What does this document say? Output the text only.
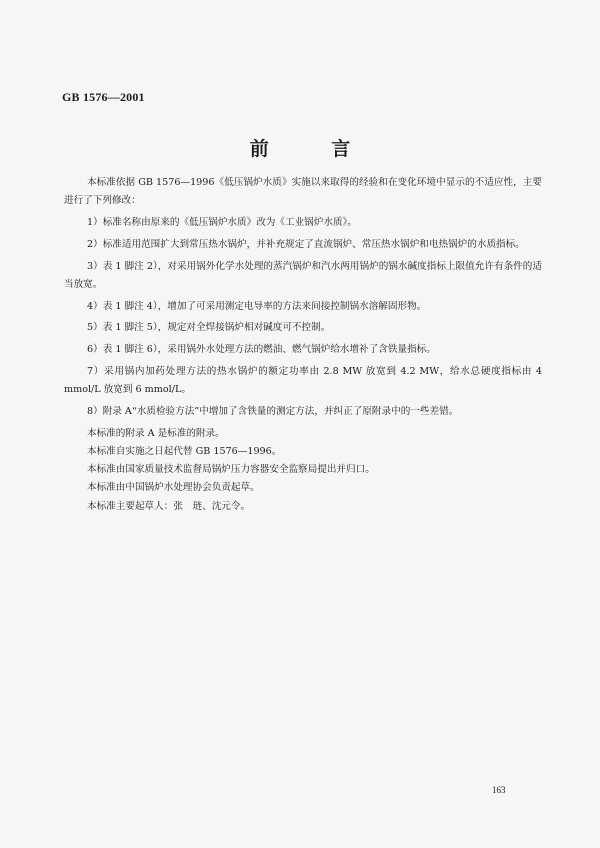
GB 1576—2001
前 言

本标准依据 GB 1576—1996《低压锅炉水质》实施以来取得的经验和在变化环境中显示的不适应性，主要进行了下列修改：

1）标准名称由原来的《低压锅炉水质》改为《工业锅炉水质》。

2）标准适用范围扩大到常压热水锅炉，并补充规定了直流锅炉、常压热水锅炉和电热锅炉的水质指标。

3）表 1 脚注 2），对采用锅外化学水处理的蒸汽锅炉和汽水两用锅炉的锅水碱度指标上限值允许有条件的适当放宽。

4）表 1 脚注 4），增加了可采用测定电导率的方法来间接控制锅水溶解固形物。

5）表 1 脚注 5），规定对全焊接锅炉相对碱度可不控制。

6）表 1 脚注 6），采用锅外水处理方法的燃油、燃气锅炉给水增补了含铁量指标。

7）采用锅内加药处理方法的热水锅炉的额定功率由 2.8 MW 放宽到 4.2 MW，给水总硬度指标由 4 mmol/L 放宽到 6 mmol/L。

8）附录 A“水质检验方法”中增加了含铁量的测定方法，并纠正了原附录中的一些差错。

本标准的附录 A 是标准的附录。

本标准自实施之日起代替 GB 1576—1996。

本标准由国家质量技术监督局锅炉压力容器安全监察局提出并归口。

本标准由中国锅炉水处理协会负责起草。

本标准主要起草人：张　琏、沈元令。

163
